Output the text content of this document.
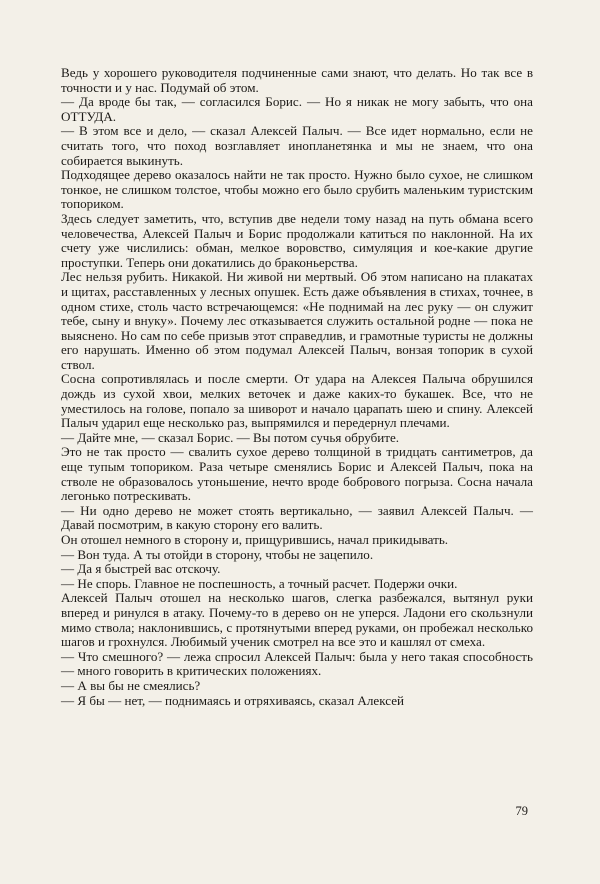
Ведь у хорошего руководителя подчиненные сами знают, что делать. Но так все в точности и у нас. Подумай об этом.

— Да вроде бы так, — согласился Борис. — Но я никак не могу забыть, что она ОТТУДА.

— В этом все и дело, — сказал Алексей Палыч. — Все идет нормально, если не считать того, что поход возглавляет инопланетянка и мы не знаем, что она собирается выкинуть.

Подходящее дерево оказалось найти не так просто. Нужно было сухое, не слишком тонкое, не слишком толстое, чтобы можно его было срубить маленьким туристским топориком.

Здесь следует заметить, что, вступив две недели тому назад на путь обмана всего человечества, Алексей Палыч и Борис продолжали катиться по наклонной. На их счету уже числились: обман, мелкое воровство, симуляция и кое-какие другие проступки. Теперь они докатились до браконьерства.

Лес нельзя рубить. Никакой. Ни живой ни мертвый. Об этом написано на плакатах и щитах, расставленных у лесных опушек. Есть даже объявления в стихах, точнее, в одном стихе, столь часто встречающемся: «Не поднимай на лес руку — он служит тебе, сыну и внуку». Почему лес отказывается служить остальной родне — пока не выяснено. Но сам по себе призыв этот справедлив, и грамотные туристы не должны его нарушать. Именно об этом подумал Алексей Палыч, вонзая топорик в сухой ствол.

Сосна сопротивлялась и после смерти. От удара на Алексея Палыча обрушился дождь из сухой хвои, мелких веточек и даже каких-то букашек. Все, что не уместилось на голове, попало за шиворот и начало царапать шею и спину. Алексей Палыч ударил еще несколько раз, выпрямился и передернул плечами.

— Дайте мне, — сказал Борис. — Вы потом сучья обрубите.

Это не так просто — свалить сухое дерево толщиной в тридцать сантиметров, да еще тупым топориком. Раза четыре сменялись Борис и Алексей Палыч, пока на стволе не образовалось утоньшение, нечто вроде бобрового погрыза. Сосна начала легонько потрескивать.

— Ни одно дерево не может стоять вертикально, — заявил Алексей Палыч. — Давай посмотрим, в какую сторону его валить.

Он отошел немного в сторону и, прищурившись, начал прикидывать.

— Вон туда. А ты отойди в сторону, чтобы не зацепило.

— Да я быстрей вас отскочу.

— Не спорь. Главное не поспешность, а точный расчет. Подержи очки.

Алексей Палыч отошел на несколько шагов, слегка разбежался, вытянул руки вперед и ринулся в атаку. Почему-то в дерево он не уперся. Ладони его скользнули мимо ствола; наклонившись, с протянутыми вперед руками, он пробежал несколько шагов и грохнулся. Любимый ученик смотрел на все это и кашлял от смеха.

— Что смешного? — лежа спросил Алексей Палыч: была у него такая способность — много говорить в критических положениях.

— А вы бы не смеялись?

— Я бы — нет, — поднимаясь и отряхиваясь, сказал Алексей

79
